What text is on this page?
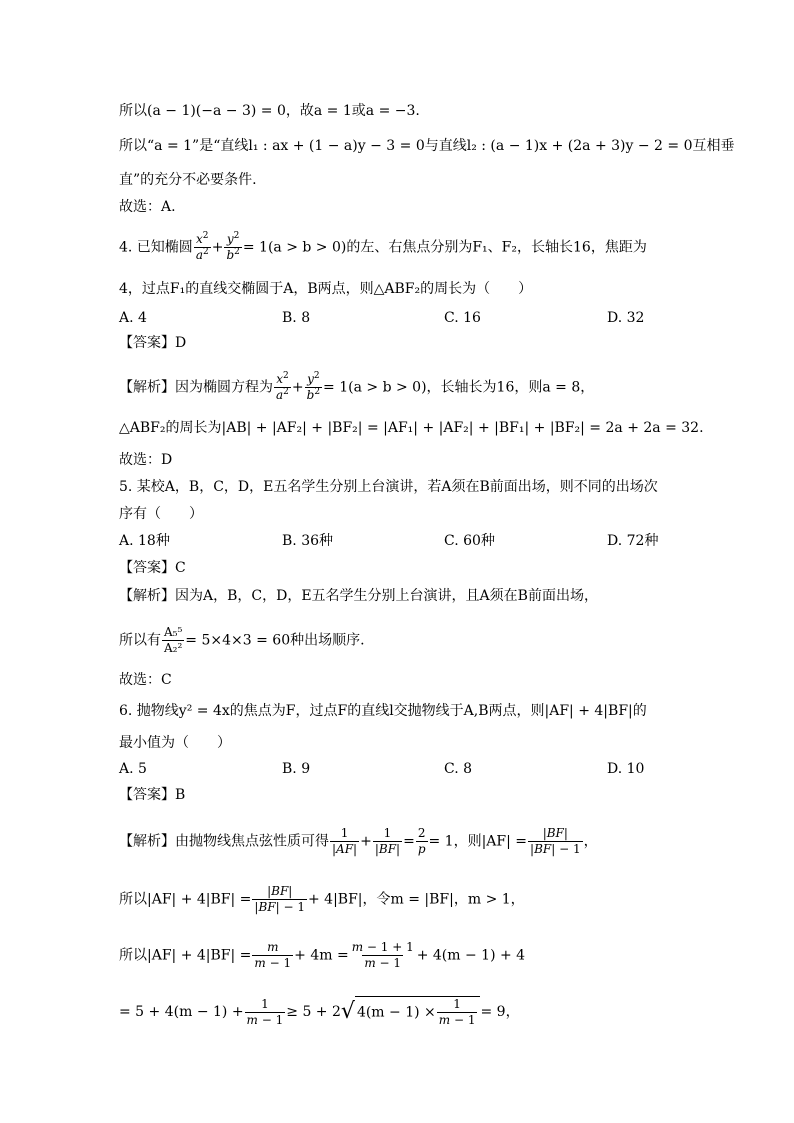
所以(a − 1)(−a − 3) = 0，故a = 1或a = −3.
所以“a = 1”是“直线l₁ : ax + (1 − a)y − 3 = 0与直线l₂ : (a − 1)x + (2a + 3)y − 2 = 0互相垂
直”的充分不必要条件.
故选：A.
4. 已知椭圆 $\frac{x^2}{a^2} + \frac{y^2}{b^2} = 1(a > b > 0)$的左、右焦点分别为F₁、F₂，长轴长16，焦距为
4，过点F₁的直线交椭圆于A，B两点，则△ABF₂的周长为（　　）
A. 4	B. 8	C. 16	D. 32
【答案】D
【解析】因为椭圆方程为 $\frac{x^2}{a^2} + \frac{y^2}{b^2} = 1(a > b > 0)$，长轴长为16，则a = 8，
△ABF₂的周长为|AB| + |AF₂| + |BF₂| = |AF₁| + |AF₂| + |BF₁| + |BF₂| = 2a + 2a = 32.
故选：D
5. 某校A，B，C，D，E五名学生分别上台演讲，若A须在B前面出场，则不同的出场次
序有（　　）
A. 18种	B. 36种	C. 60种	D. 72种
【答案】C
【解析】因为A，B，C，D，E五名学生分别上台演讲，且A须在B前面出场，
所以有 $\frac{\text{A₅⁵}}{\text{A₂²}} = 5\times 4\times 3 = 60$种出场顺序.
故选：C
6. 抛物线y² = 4x的焦点为F，过点F的直线l交抛物线于A,B两点，则|AF| + 4|BF|的
最小值为（　　）
A. 5	B. 9	C. 8	D. 10
【答案】B
【解析】由抛物线焦点弦性质可得 $\frac{1}{|AF|} + \frac{1}{|BF|} = \frac{2}{p} = 1$，则$|AF| = \frac{|BF|}{|BF| - 1}$ ，
所以$|AF| + 4|BF| = \frac{|BF|}{|BF| - 1} + 4|BF|$，令m = |BF|，m > 1，
所以$|AF| + 4|BF| = \frac{m}{m - 1} + 4m = \frac{m - 1 + 1}{m - 1} + 4(m - 1) + 4$
= $5 + 4(m - 1) + \frac{1}{m - 1} \ge 5 + 2√$ $4(m - 1) \times \frac{1}{m - 1} = 9$，
